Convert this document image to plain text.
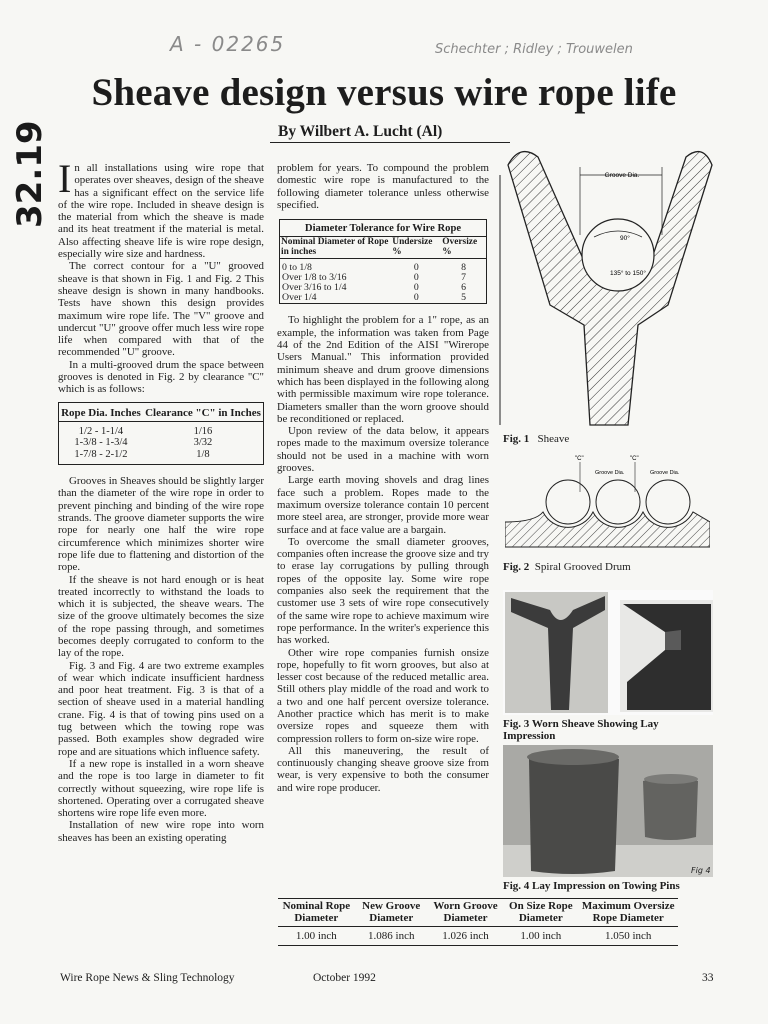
A - 02265	Schechter ; Ridley ; Trouwelen
32.19
Sheave design versus wire rope life
By Wilbert A. Lucht (Al)

In all installations using wire rope that operates over sheaves, design of the sheave has a significant effect on the service life of the wire rope. Included in sheave design is the material from which the sheave is made and its heat treatment if the material is metal. Also affecting sheave life is wire rope design, especially wire size and hardness.

The correct contour for a "U" grooved sheave is that shown in Fig. 1 and Fig. 2 This sheave design is shown in many handbooks. Tests have shown this design provides maximum wire rope life. The "V" groove and undercut "U" groove offer much less wire rope life when compared with that of the recommended "U" groove.

In a multi-grooved drum the space between grooves is denoted in Fig. 2 by clearance "C" which is as follows:

Rope Dia. Inches	Clearance "C" in Inches
1/2 - 1-1/4	1/16
1-3/8 - 1-3/4	3/32
1-7/8 - 2-1/2	1/8

Grooves in Sheaves should be slightly larger than the diameter of the wire rope in order to prevent pinching and binding of the wire rope strands. The groove diameter supports the wire rope for nearly one half the wire rope circumference which minimizes shorter wire rope life due to flattening and distortion of the rope.

If the sheave is not hard enough or is heat treated incorrectly to withstand the loads to which it is subjected, the sheave wears. The size of the groove ultimately becomes the size of the rope passing through, and sometimes becomes deeply corrugated to conform to the lay of the rope.

Fig. 3 and Fig. 4 are two extreme examples of wear which indicate insufficient hardness and poor heat treatment. Fig. 3 is that of a section of sheave used in a material handling crane. Fig. 4 is that of towing pins used on a tug between which the towing rope was passed. Both examples show degraded wire rope and are situations which influence safety.

If a new rope is installed in a worn sheave and the rope is too large in diameter to fit correctly without squeezing, wire rope life is shortened. Operating over a corrugated sheave shortens wire rope life even more.

Installation of new wire rope into worn sheaves has been an existing operating

problem for years. To compound the problem domestic wire rope is manufactured to the following diameter tolerance unless otherwise specified.

Diameter Tolerance for Wire Rope
Nominal Diameter of Rope in inches	Undersize %	Oversize %
0 to 1/8	0	8
Over 1/8 to 3/16	0	7
Over 3/16 to 1/4	0	6
Over 1/4	0	5

To highlight the problem for a 1" rope, as an example, the information was taken from Page 44 of the 2nd Edition of the AISI "Wirerope Users Manual." This information provided minimum sheave and drum groove dimensions which has been displayed in the following along with permissible maximum wire rope tolerance. Diameters smaller than the worn groove should be reconditioned or replaced.

Upon review of the data below, it appears ropes made to the maximum oversize tolerance should not be used in a machine with worn grooves.

Large earth moving shovels and drag lines face such a problem. Ropes made to the maximum oversize tolerance contain 10 percent more steel area, are stronger, provide more wear surface and at face value are a bargain.

To overcome the small diameter grooves, companies often increase the groove size and try to erase lay corrugations by pulling through ropes of the opposite lay. Some wire rope companies also seek the requirement that the customer use 3 sets of wire rope consecutively of the same wire rope to achieve maximum wire rope performance. In the writer's experience this has worked.

Other wire rope companies furnish onsize rope, hopefully to fit worn grooves, but also at lesser cost because of the reduced metallic area. Still others play middle of the road and work to a two and one half percent oversize tolerance. Another practice which has merit is to make oversize ropes and squeeze them with compression rollers to form on-size wire rope.

All this maneuvering, the result of continuously changing sheave groove size from wear, is very expensive to both the consumer and wire rope producer.

Groove Dia.
90°
135° to 150°
Fig. 1 Sheave
"C"	"C"
Groove Dia.	Groove Dia.
Fig. 2 Spiral Grooved Drum
Fig. 3 Worn Sheave Showing Lay Impression
Fig 4
Fig. 4 Lay Impression on Towing Pins
Nominal Rope Diameter	New Groove Diameter	Worn Groove Diameter	On Size Rope Diameter	Maximum Oversize Rope Diameter
1.00 inch	1.086 inch	1.026 inch	1.00 inch	1.050 inch
Wire Rope News & Sling Technology	October 1992	33
